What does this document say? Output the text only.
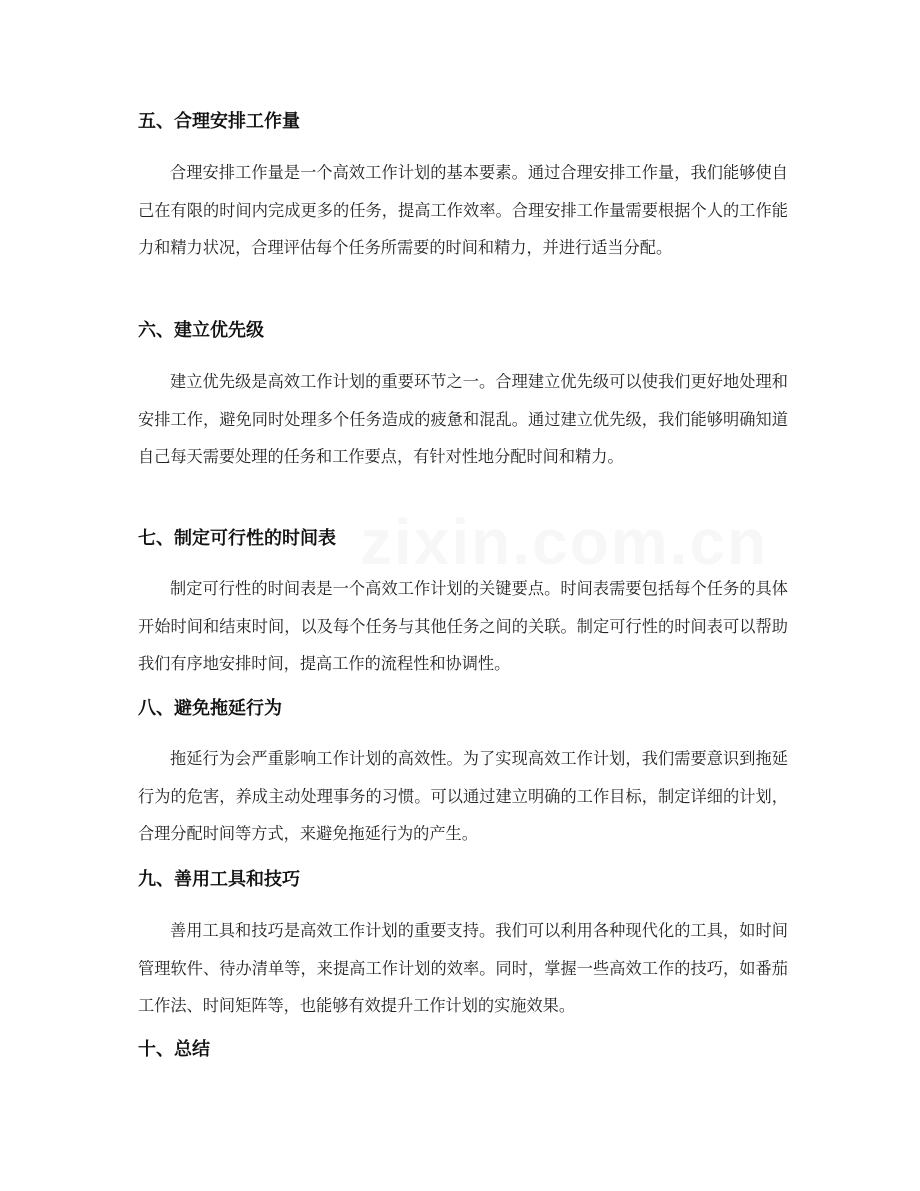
zixin.com.cn
五、合理安排工作量

合理安排工作量是一个高效工作计划的基本要素。通过合理安排工作量，我们能够使自己在有限的时间内完成更多的任务，提高工作效率。合理安排工作量需要根据个人的工作能力和精力状况，合理评估每个任务所需要的时间和精力，并进行适当分配。

六、建立优先级

建立优先级是高效工作计划的重要环节之一。合理建立优先级可以使我们更好地处理和安排工作，避免同时处理多个任务造成的疲惫和混乱。通过建立优先级，我们能够明确知道自己每天需要处理的任务和工作要点，有针对性地分配时间和精力。

七、制定可行性的时间表

制定可行性的时间表是一个高效工作计划的关键要点。时间表需要包括每个任务的具体开始时间和结束时间，以及每个任务与其他任务之间的关联。制定可行性的时间表可以帮助我们有序地安排时间，提高工作的流程性和协调性。

八、避免拖延行为

拖延行为会严重影响工作计划的高效性。为了实现高效工作计划，我们需要意识到拖延行为的危害，养成主动处理事务的习惯。可以通过建立明确的工作目标，制定详细的计划，合理分配时间等方式，来避免拖延行为的产生。

九、善用工具和技巧

善用工具和技巧是高效工作计划的重要支持。我们可以利用各种现代化的工具，如时间管理软件、待办清单等，来提高工作计划的效率。同时，掌握一些高效工作的技巧，如番茄工作法、时间矩阵等，也能够有效提升工作计划的实施效果。

十、总结
